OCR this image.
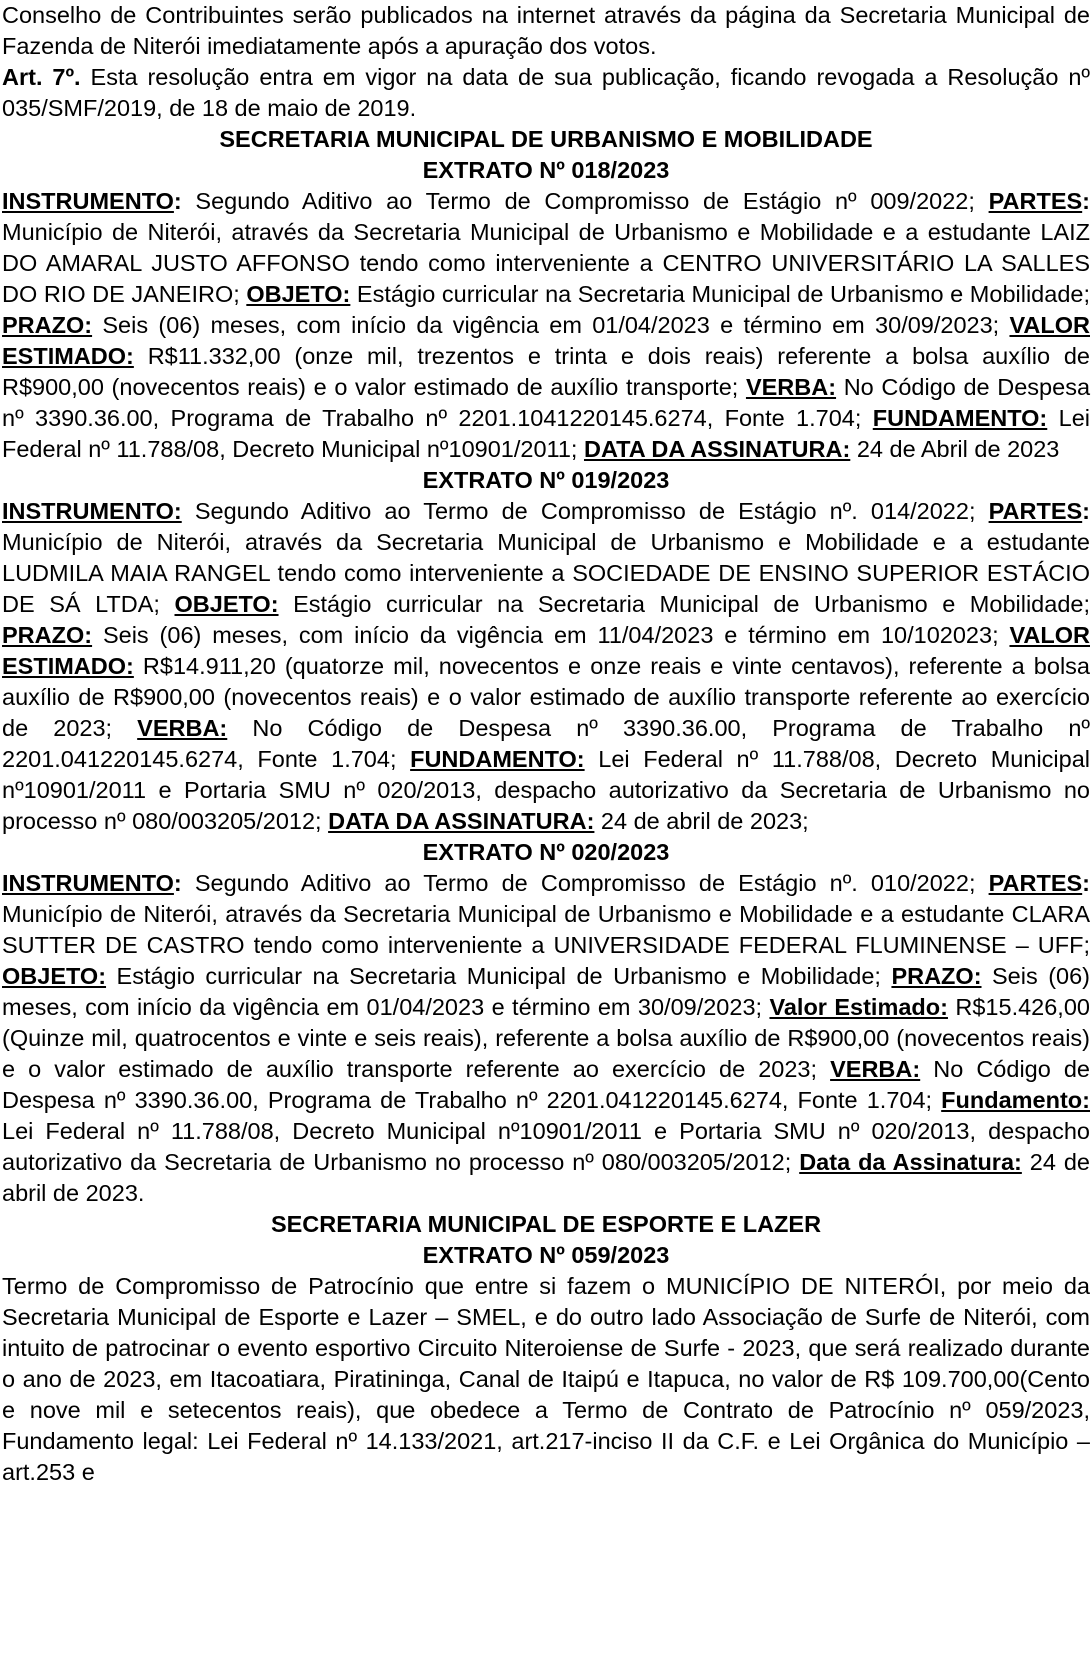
Conselho de Contribuintes serão publicados na internet através da página da Secretaria Municipal de Fazenda de Niterói imediatamente após a apuração dos votos.

Art. 7º. Esta resolução entra em vigor na data de sua publicação, ficando revogada a Resolução nº 035/SMF/2019, de 18 de maio de 2019.

SECRETARIA MUNICIPAL DE URBANISMO E MOBILIDADE

EXTRATO Nº 018/2023

INSTRUMENTO: Segundo Aditivo ao Termo de Compromisso de Estágio nº 009/2022; PARTES: Município de Niterói, através da Secretaria Municipal de Urbanismo e Mobilidade e a estudante LAIZ DO AMARAL JUSTO AFFONSO tendo como interveniente a CENTRO UNIVERSITÁRIO LA SALLES DO RIO DE JANEIRO; OBJETO: Estágio curricular na Secretaria Municipal de Urbanismo e Mobilidade; PRAZO: Seis (06) meses, com início da vigência em 01/04/2023 e término em 30/09/2023; VALOR ESTIMADO: R$11.332,00 (onze mil, trezentos e trinta e dois reais) referente a bolsa auxílio de R$900,00 (novecentos reais) e o valor estimado de auxílio transporte; VERBA: No Código de Despesa nº 3390.36.00, Programa de Trabalho nº 2201.1041220145.6274, Fonte 1.704; FUNDAMENTO: Lei Federal nº 11.788/08, Decreto Municipal nº10901/2011; DATA DA ASSINATURA: 24 de Abril de 2023

EXTRATO Nº 019/2023

INSTRUMENTO: Segundo Aditivo ao Termo de Compromisso de Estágio nº. 014/2022; PARTES: Município de Niterói, através da Secretaria Municipal de Urbanismo e Mobilidade e a estudante LUDMILA MAIA RANGEL tendo como interveniente a SOCIEDADE DE ENSINO SUPERIOR ESTÁCIO DE SÁ LTDA; OBJETO: Estágio curricular na Secretaria Municipal de Urbanismo e Mobilidade; PRAZO: Seis (06) meses, com início da vigência em 11/04/2023 e término em 10/102023; VALOR ESTIMADO: R$14.911,20 (quatorze mil, novecentos e onze reais e vinte centavos), referente a bolsa auxílio de R$900,00 (novecentos reais) e o valor estimado de auxílio transporte referente ao exercício de 2023; VERBA: No Código de Despesa nº 3390.36.00, Programa de Trabalho nº 2201.041220145.6274, Fonte 1.704; FUNDAMENTO: Lei Federal nº 11.788/08, Decreto Municipal nº10901/2011 e Portaria SMU nº 020/2013, despacho autorizativo da Secretaria de Urbanismo no processo nº 080/003205/2012; DATA DA ASSINATURA: 24 de abril de 2023;

EXTRATO Nº 020/2023

INSTRUMENTO: Segundo Aditivo ao Termo de Compromisso de Estágio nº. 010/2022; PARTES: Município de Niterói, através da Secretaria Municipal de Urbanismo e Mobilidade e a estudante CLARA SUTTER DE CASTRO tendo como interveniente a UNIVERSIDADE FEDERAL FLUMINENSE – UFF; OBJETO: Estágio curricular na Secretaria Municipal de Urbanismo e Mobilidade; PRAZO: Seis (06) meses, com início da vigência em 01/04/2023 e término em 30/09/2023; Valor Estimado: R$15.426,00 (Quinze mil, quatrocentos e vinte e seis reais), referente a bolsa auxílio de R$900,00 (novecentos reais) e o valor estimado de auxílio transporte referente ao exercício de 2023; VERBA: No Código de Despesa nº 3390.36.00, Programa de Trabalho nº 2201.041220145.6274, Fonte 1.704; Fundamento: Lei Federal nº 11.788/08, Decreto Municipal nº10901/2011 e Portaria SMU nº 020/2013, despacho autorizativo da Secretaria de Urbanismo no processo nº 080/003205/2012; Data da Assinatura: 24 de abril de 2023.

SECRETARIA MUNICIPAL DE ESPORTE E LAZER

EXTRATO Nº 059/2023

Termo de Compromisso de Patrocínio que entre si fazem o MUNICÍPIO DE NITERÓI, por meio da Secretaria Municipal de Esporte e Lazer – SMEL, e do outro lado Associação de Surfe de Niterói, com intuito de patrocinar o evento esportivo Circuito Niteroiense de Surfe - 2023, que será realizado durante o ano de 2023, em Itacoatiara, Piratininga, Canal de Itaipú e Itapuca, no valor de R$ 109.700,00(Cento e nove mil e setecentos reais), que obedece a Termo de Contrato de Patrocínio nº 059/2023, Fundamento legal: Lei Federal nº 14.133/2021, art.217-inciso II da C.F. e Lei Orgânica do Município – art.253 e
